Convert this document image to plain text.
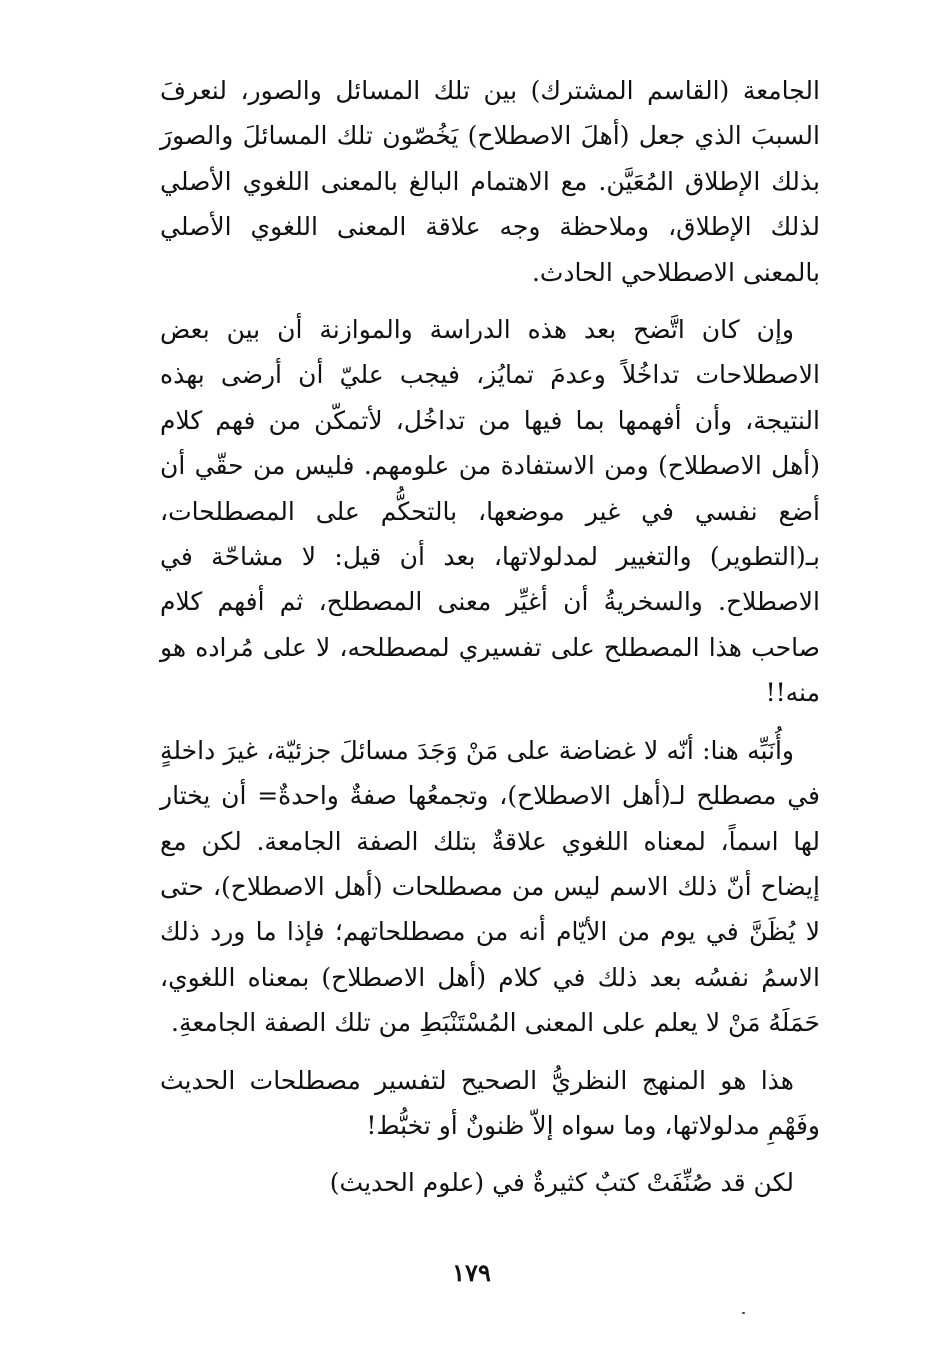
الجامعة (القاسم المشترك) بين تلك المسائل والصور، لنعرفَ السببَ الذي جعل (أهلَ الاصطلاح) يَخُصّون تلك المسائلَ والصورَ بذلك الإطلاق المُعَيَّن. مع الاهتمام البالغ بالمعنى اللغوي الأصلي لذلك الإطلاق، وملاحظة وجه علاقة المعنى اللغوي الأصلي بالمعنى الاصطلاحي الحادث.

وإن كان اتَّضح بعد هذه الدراسة والموازنة أن بين بعض الاصطلاحات تداخُلاً وعدمَ تمايُز، فيجب عليّ أن أرضى بهذه النتيجة، وأن أفهمها بما فيها من تداخُل، لأتمكّن من فهم كلام (أهل الاصطلاح) ومن الاستفادة من علومهم. فليس من حقّي أن أضع نفسي في غير موضعها، بالتحكُّم على المصطلحات، بـ(التطوير) والتغيير لمدلولاتها، بعد أن قيل: لا مشاحّة في الاصطلاح. والسخريةُ أن أغيِّر معنى المصطلح، ثم أفهم كلام صاحب هذا المصطلح على تفسيري لمصطلحه، لا على مُراده هو منه!!

وأُنَبِّه هنا: أنّه لا غضاضة على مَنْ وَجَدَ مسائلَ جزئيّة، غيرَ داخلةٍ في مصطلح لـ(أهل الاصطلاح)، وتجمعُها صفةٌ واحدةٌ= أن يختار لها اسماً، لمعناه اللغوي علاقةٌ بتلك الصفة الجامعة. لكن مع إيضاح أنّ ذلك الاسم ليس من مصطلحات (أهل الاصطلاح)، حتى لا يُظَنَّ في يوم من الأيّام أنه من مصطلحاتهم؛ فإذا ما ورد ذلك الاسمُ نفسُه بعد ذلك في كلام (أهل الاصطلاح) بمعناه اللغوي، حَمَلَهُ مَنْ لا يعلم على المعنى المُسْتَنْبَطِ من تلك الصفة الجامعةِ.

هذا هو المنهج النظريُّ الصحيح لتفسير مصطلحات الحديث وفَهْمِ مدلولاتها، وما سواه إلاّ ظنونٌ أو تخبُّط!

لكن قد صُنِّفَتْ كتبٌ كثيرةٌ في (علوم الحديث)

١٧٩
